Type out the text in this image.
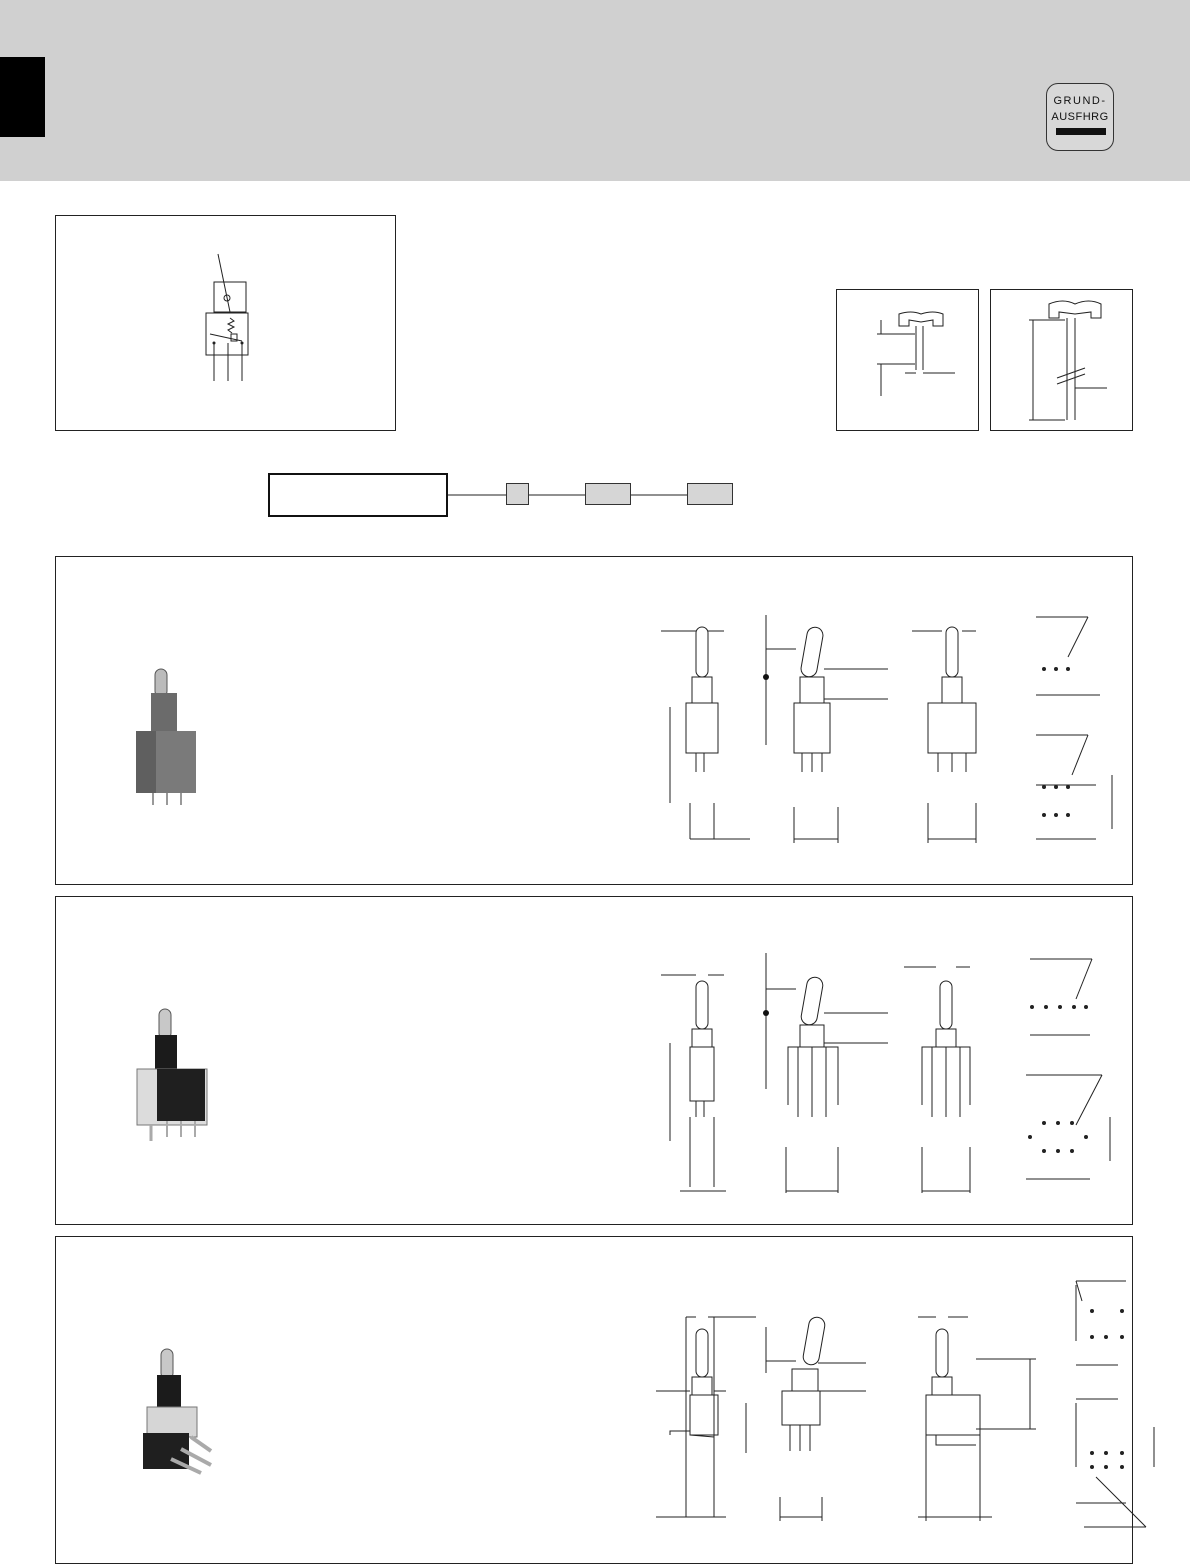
GRUND-
AUSFHRG
